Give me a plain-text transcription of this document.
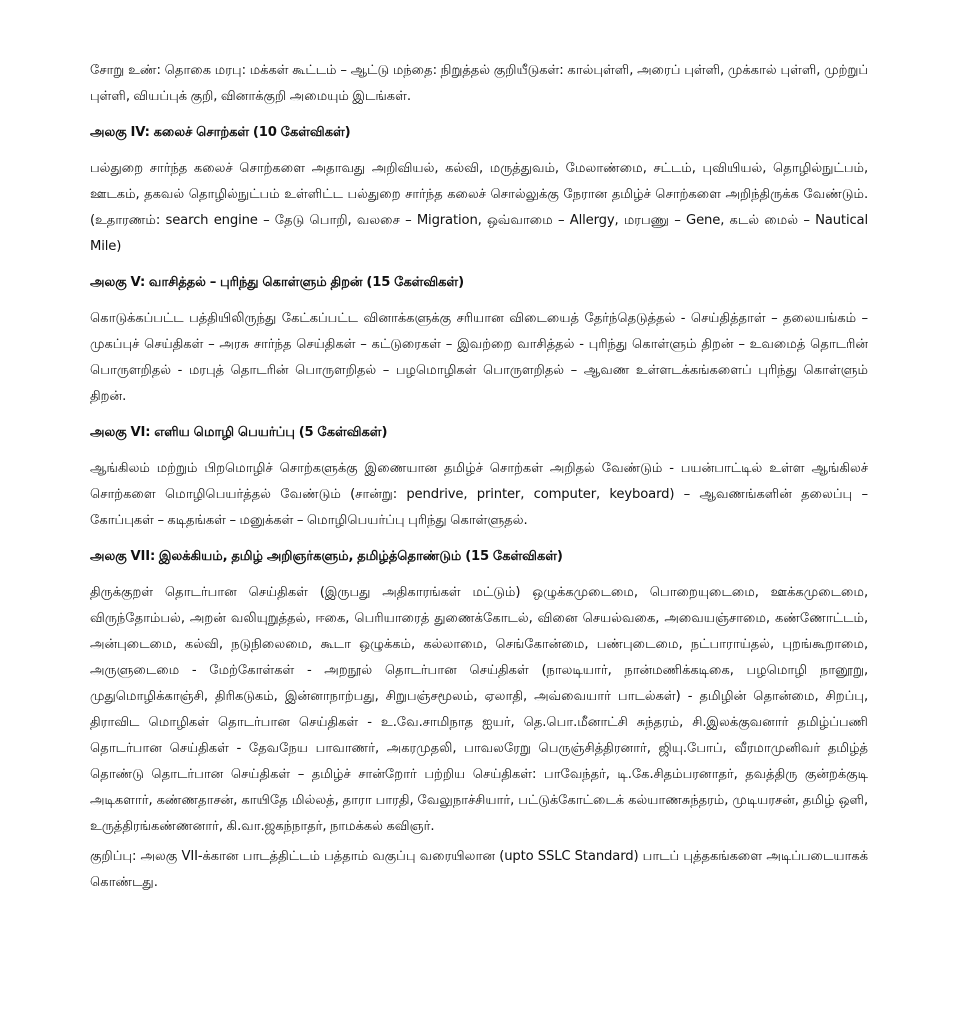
சோறு உண்: தொகை மரபு: மக்கள் கூட்டம் – ஆட்டு மந்தை: நிறுத்தல் குறியீடுகள்: கால்புள்ளி, அரைப் புள்ளி, முக்கால் புள்ளி, முற்றுப் புள்ளி, வியப்புக் குறி, வினாக்குறி அமையும் இடங்கள்.

அலகு IV: கலைச் சொற்கள் (10 கேள்விகள்)

பல்துறை சார்ந்த கலைச் சொற்களை அதாவது அறிவியல், கல்வி, மருத்துவம், மேலாண்மை, சட்டம், புவியியல், தொழில்நுட்பம், ஊடகம், தகவல் தொழில்நுட்பம் உள்ளிட்ட பல்துறை சார்ந்த கலைச் சொல்லுக்கு நேரான தமிழ்ச் சொற்களை அறிந்திருக்க வேண்டும். (உதாரணம்: search engine – தேடு பொறி, வலசை – Migration, ஒவ்வாமை – Allergy, மரபணு – Gene, கடல் மைல் – Nautical Mile)

அலகு V: வாசித்தல் – புரிந்து கொள்ளும் திறன் (15 கேள்விகள்)

கொடுக்கப்பட்ட பத்தியிலிருந்து கேட்கப்பட்ட வினாக்களுக்கு சரியான விடையைத் தேர்ந்தெடுத்தல் - செய்தித்தாள் – தலையங்கம் – முகப்புச் செய்திகள் – அரசு சார்ந்த செய்திகள் – கட்டுரைகள் – இவற்றை வாசித்தல் - புரிந்து கொள்ளும் திறன் – உவமைத் தொடரின் பொருளறிதல் - மரபுத் தொடரின் பொருளறிதல் – பழமொழிகள் பொருளறிதல் – ஆவண உள்ளடக்கங்களைப் புரிந்து கொள்ளும் திறன்.

அலகு VI: எளிய மொழி பெயர்ப்பு (5 கேள்விகள்)

ஆங்கிலம் மற்றும் பிறமொழிச் சொற்களுக்கு இணையான தமிழ்ச் சொற்கள் அறிதல் வேண்டும் - பயன்பாட்டில் உள்ள ஆங்கிலச் சொற்களை மொழிபெயர்த்தல் வேண்டும் (சான்று: pendrive, printer, computer, keyboard) – ஆவணங்களின் தலைப்பு – கோப்புகள் – கடிதங்கள் – மனுக்கள் – மொழிபெயர்ப்பு புரிந்து கொள்ளுதல்.

அலகு VII: இலக்கியம், தமிழ் அறிஞர்களும், தமிழ்த்தொண்டும் (15 கேள்விகள்)

திருக்குறள் தொடர்பான செய்திகள் (இருபது அதிகாரங்கள் மட்டும்) ஒழுக்கமுடைமை, பொறையுடைமை, ஊக்கமுடைமை, விருந்தோம்பல், அறன் வலியுறுத்தல், ஈகை, பெரியாரைத் துணைக்கோடல், வினை செயல்வகை, அவையஞ்சாமை, கண்ணோட்டம், அன்புடைமை, கல்வி, நடுநிலைமை, கூடா ஒழுக்கம், கல்லாமை, செங்கோன்மை, பண்புடைமை, நட்பாராய்தல், புறங்கூறாமை, அருளுடைமை - மேற்கோள்கள் - அறநூல் தொடர்பான செய்திகள் (நாலடியார், நான்மணிக்கடிகை, பழமொழி நானூறு, முதுமொழிக்காஞ்சி, திரிகடுகம், இன்னாநாற்பது, சிறுபஞ்சமூலம், ஏலாதி, அவ்வையார் பாடல்கள்) - தமிழின் தொன்மை, சிறப்பு, திராவிட மொழிகள் தொடர்பான செய்திகள் - உ.வே.சாமிநாத ஐயர், தெ.பொ.மீனாட்சி சுந்தரம், சி.இலக்குவனார் தமிழ்ப்பணி தொடர்பான செய்திகள் - தேவநேய பாவாணர், அகரமுதலி, பாவலரேறு பெருஞ்சித்திரனார், ஜியு.போப், வீரமாமுனிவர் தமிழ்த் தொண்டு தொடர்பான செய்திகள் – தமிழ்ச் சான்றோர் பற்றிய செய்திகள்: பாவேந்தர், டி.கே.சிதம்பரனாதர், தவத்திரு குன்றக்குடி அடிகளார், கண்ணதாசன், காயிதே மில்லத், தாரா பாரதி, வேலுநாச்சியார், பட்டுக்கோட்டைக் கல்யாணசுந்தரம், முடியரசன், தமிழ் ஒளி, உருத்திரங்கண்ணனார், கி.வா.ஜகந்நாதர், நாமக்கல் கவிஞர்.

குறிப்பு: அலகு VII-க்கான பாடத்திட்டம் பத்தாம் வகுப்பு வரையிலான (upto SSLC Standard) பாடப் புத்தகங்களை அடிப்படையாகக் கொண்டது.
